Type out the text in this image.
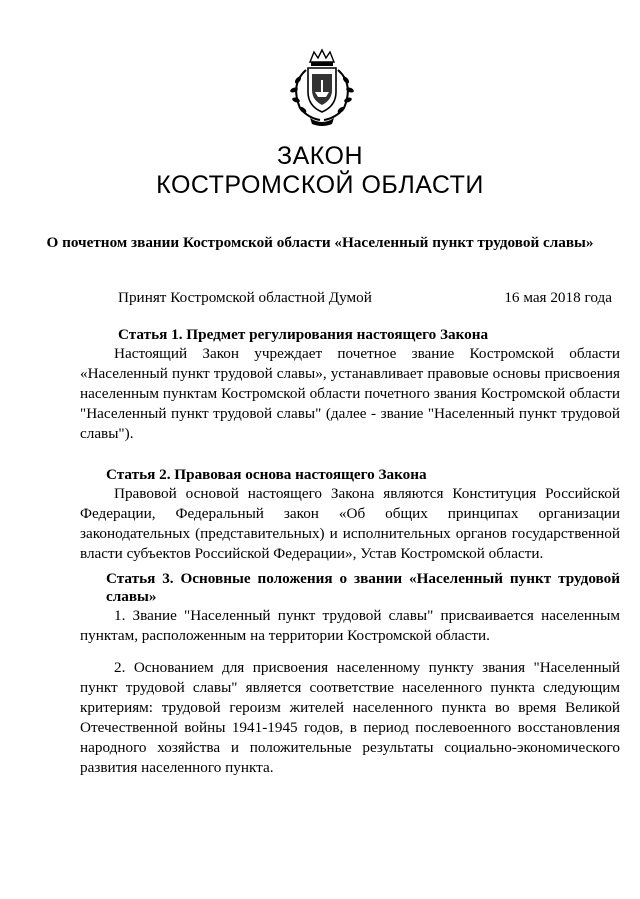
ЗАКОН
КОСТРОМСКОЙ ОБЛАСТИ
О почетном звании Костромской области «Населенный пункт трудовой славы»
Принят Костромской областной Думой	16 мая 2018 года
Статья 1. Предмет регулирования настоящего Закона

Настоящий Закон учреждает почетное звание Костромской области «Населенный пункт трудовой славы», устанавливает правовые основы присвоения населенным пунктам Костромской области почетного звания Костромской области "Населенный пункт трудовой славы" (далее - звание "Населенный пункт трудовой славы").

Статья 2. Правовая основа настоящего Закона

Правовой основой настоящего Закона являются Конституция Российской Федерации, Федеральный закон «Об общих принципах организации законодательных (представительных) и исполнительных органов государственной власти субъектов Российской Федерации», Устав Костромской области.

Статья 3. Основные положения о звании «Населенный пункт трудовой славы»

1. Звание "Населенный пункт трудовой славы" присваивается населенным пунктам, расположенным на территории Костромской области.

2. Основанием для присвоения населенному пункту звания "Населенный пункт трудовой славы" является соответствие населенного пункта следующим критериям: трудовой героизм жителей населенного пункта во время Великой Отечественной войны 1941-1945 годов, в период послевоенного восстановления народного хозяйства и положительные результаты социально-экономического развития населенного пункта.
